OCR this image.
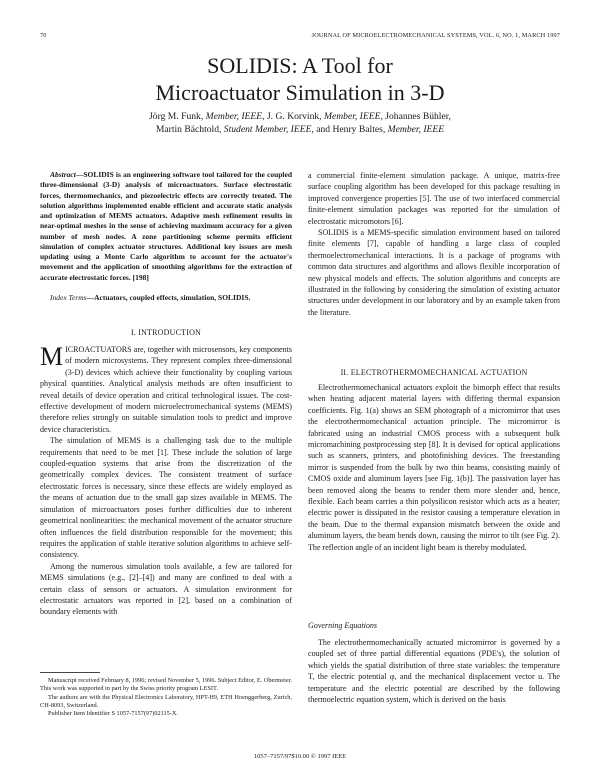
70	JOURNAL OF MICROELECTROMECHANICAL SYSTEMS, VOL. 6, NO. 1, MARCH 1997
SOLIDIS: A Tool for
Microactuator Simulation in 3-D
Jörg M. Funk, Member, IEEE, J. G. Korvink, Member, IEEE, Johannes Bühler,
Martin Bächtold, Student Member, IEEE, and Henry Baltes, Member, IEEE
Abstract—SOLIDIS is an engineering software tool tailored for the coupled three-dimensional (3-D) analysis of microactuators. Surface electrostatic forces, thermomechanics, and piezoelectric effects are correctly treated. The solution algorithms implemented enable efficient and accurate static analysis and optimization of MEMS actuators. Adaptive mesh refinement results in near-optimal meshes in the sense of achieving maximum accuracy for a given number of mesh nodes. A zone partitioning scheme permits efficient simulation of complex actuator structures. Additional key issues are mesh updating using a Monte Carlo algorithm to account for the actuator's movement and the application of smoothing algorithms for the extraction of accurate electrostatic forces. [198]
Index Terms—Actuators, coupled effects, simulation, SOLIDIS.
I. INTRODUCTION

MICROACTUATORS are, together with microsensors, key components of modern microsystems. They represent complex three-dimensional (3-D) devices which achieve their functionality by coupling various physical quantities. Analytical analysis methods are often insufficient to reveal details of device operation and critical technological issues. The cost-effective development of modern microelectromechanical systems (MEMS) therefore relies strongly on suitable simulation tools to predict and improve device characteristics.

The simulation of MEMS is a challenging task due to the multiple requirements that need to be met [1]. These include the solution of large coupled-equation systems that arise from the discretization of the geometrically complex devices. The consistent treatment of surface electrostatic forces is necessary, since these effects are widely employed as the means of actuation due to the small gap sizes available in MEMS. The simulation of microactuators poses further difficulties due to inherent geometrical nonlinearities: the mechanical movement of the actuator structure often influences the field distribution responsible for the movement; this requires the application of stable iterative solution algorithms to achieve self-consistency.

Among the numerous simulation tools available, a few are tailored for MEMS simulations (e.g., [2]–[4]) and many are confined to deal with a certain class of sensors or actuators. A simulation environment for electrostatic actuators was reported in [2], based on a combination of boundary elements with

Manuscript received February 8, 1996; revised November 5, 1996. Subject Editor, E. Obermeier. This work was supported in part by the Swiss priority program LESIT.

The authors are with the Physical Electronics Laboratory, HPT-H9, ETH Hoenggerberg, Zurich, CH-8093, Switzerland.

Publisher Item Identifier S 1057-7157(97)02115-X.

a commercial finite-element simulation package. A unique, matrix-free surface coupling algorithm has been developed for this package resulting in improved convergence properties [5]. The use of two interfaced commercial finite-element simulation packages was reported for the simulation of electrostatic micromotors [6].

SOLIDIS is a MEMS-specific simulation environment based on tailored finite elements [7], capable of handling a large class of coupled thermoelectromechanical interactions. It is a package of programs with common data structures and algorithms and allows flexible incorporation of new physical models and effects. The solution algorithms and concepts are illustrated in the following by considering the simulation of existing actuator structures under development in our laboratory and by an example taken from the literature.

II. ELECTROTHERMOMECHANICAL ACTUATION

Electrothermomechanical actuators exploit the bimorph effect that results when heating adjacent material layers with differing thermal expansion coefficients. Fig. 1(a) shows an SEM photograph of a micromirror that uses the electrothermomechanical actuation principle. The micromirror is fabricated using an industrial CMOS process with a subsequent bulk micromachining postprocessing step [8]. It is devised for optical applications such as scanners, printers, and photofinishing devices. The freestanding mirror is suspended from the bulk by two thin beams, consisting mainly of CMOS oxide and aluminum layers [see Fig. 1(b)]. The passivation layer has been removed along the beams to render them more slender and, hence, flexible. Each beam carries a thin polysilicon resistor which acts as a heater; electric power is dissipated in the resistor causing a temperature elevation in the beam. Due to the thermal expansion mismatch between the oxide and aluminum layers, the beam bends down, causing the mirror to tilt (see Fig. 2). The reflection angle of an incident light beam is thereby modulated.

Governing Equations

The electrothermomechanically actuated micromirror is governed by a coupled set of three partial differential equations (PDE's), the solution of which yields the spatial distribution of three state variables: the temperature T, the electric potential φ, and the mechanical displacement vector u. The temperature and the electric potential are described by the following thermoelectric equation system, which is derived on the basis

1057–7157/97$10.00 © 1997 IEEE
